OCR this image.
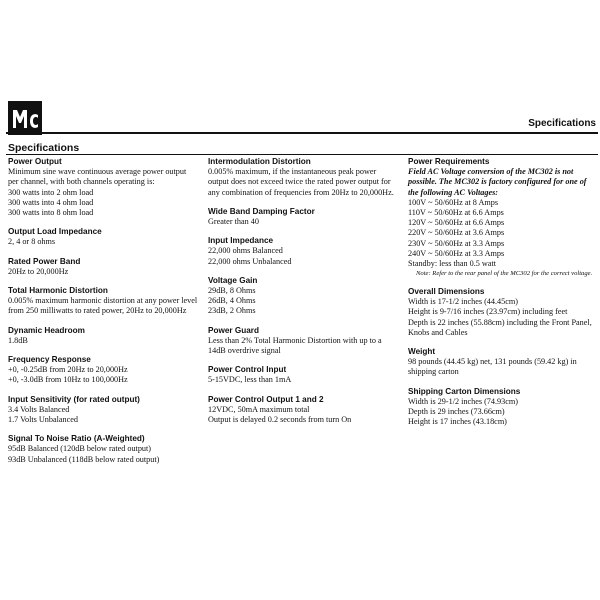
Specifications
Specifications
Power Output
Minimum sine wave continuous average power output per channel, with both channels operating is:
300 watts into 2 ohm load
300 watts into 4 ohm load
300 watts into 8 ohm load
Output Load Impedance
2, 4 or 8 ohms
Rated Power Band
20Hz to 20,000Hz
Total Harmonic Distortion
0.005% maximum harmonic distortion at any power level from 250 milliwatts to rated power, 20Hz to 20,000Hz
Dynamic Headroom
1.8dB
Frequency Response
+0, -0.25dB from 20Hz to 20,000Hz
+0, -3.0dB from 10Hz to 100,000Hz
Input Sensitivity (for rated output)
3.4 Volts Balanced
1.7 Volts Unbalanced
Signal To Noise Ratio (A-Weighted)
95dB Balanced (120dB below rated output)
93dB Unbalanced (118dB below rated output)
Intermodulation Distortion
0.005% maximum, if the instantaneous peak power output does not exceed twice the rated power output for any combination of frequencies from 20Hz to 20,000Hz.
Wide Band Damping Factor
Greater than 40
Input Impedance
22,000 ohms Balanced
22,000 ohms Unbalanced
Voltage Gain
29dB, 8 Ohms
26dB, 4 Ohms
23dB, 2 Ohms
Power Guard
Less than 2% Total Harmonic Distortion with up to a 14dB overdrive signal
Power Control Input
5-15VDC, less than 1mA
Power Control Output 1 and 2
12VDC, 50mA maximum total
Output is delayed 0.2 seconds from turn On
Power Requirements
Field AC Voltage conversion of the MC302 is not possible. The MC302 is factory configured for one of the following AC Voltages:
100V ~ 50/60Hz at 8 Amps
110V ~ 50/60Hz at 6.6 Amps
120V ~ 50/60Hz at 6.6 Amps
220V ~ 50/60Hz at 3.6 Amps
230V ~ 50/60Hz at 3.3 Amps
240V ~ 50/60Hz at 3.3 Amps
Standby: less than 0.5 watt
Note: Refer to the rear panel of the MC302 for the correct voltage.
Overall Dimensions
Width is 17-1/2 inches (44.45cm)
Height is 9-7/16 inches (23.97cm) including feet
Depth is 22 inches (55.88cm) including the Front Panel, Knobs and Cables
Weight
98 pounds (44.45 kg) net, 131 pounds (59.42 kg) in shipping carton
Shipping Carton Dimensions
Width is 29-1/2 inches (74.93cm)
Depth is 29 inches (73.66cm)
Height is 17 inches (43.18cm)
